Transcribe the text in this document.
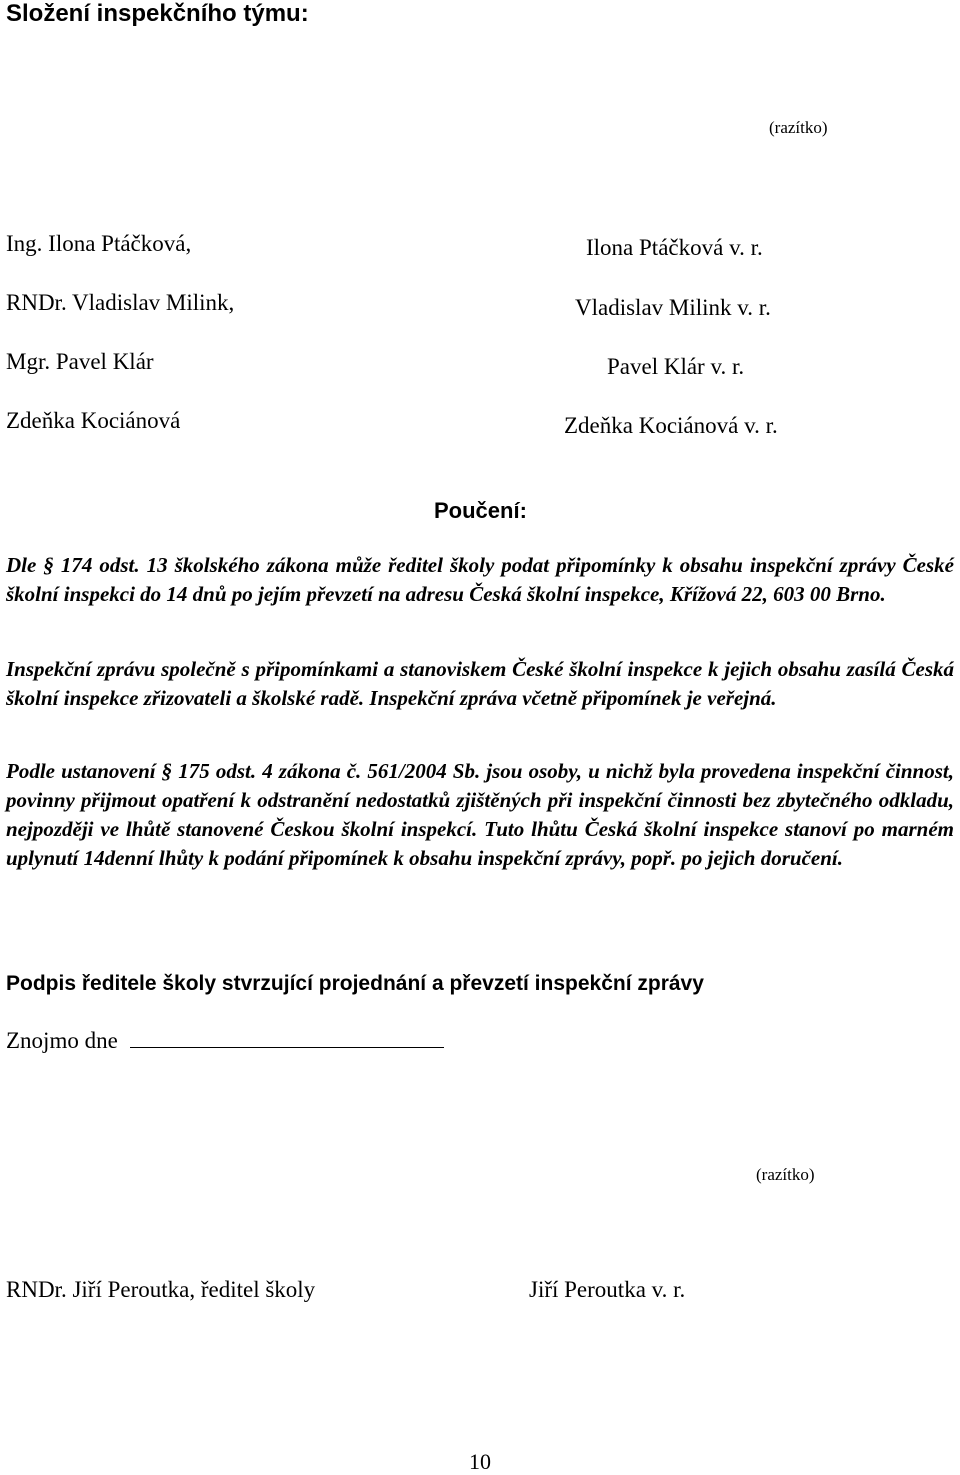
Složení inspekčního týmu:
(razítko)
Ing. Ilona Ptáčková,
RNDr. Vladislav Milink,
Mgr. Pavel Klár
Zdeňka Kociánová
Ilona Ptáčková v. r.
Vladislav Milink v. r.
Pavel Klár v. r.
Zdeňka Kociánová v. r.
Poučení:
Dle § 174 odst. 13 školského zákona může ředitel školy podat připomínky k obsahu inspekční zprávy České školní inspekci do 14 dnů po jejím převzetí na adresu Česká školní inspekce, Křížová 22, 603 00 Brno.
Inspekční zprávu společně s připomínkami a stanoviskem České školní inspekce k jejich obsahu zasílá Česká školní inspekce zřizovateli a školské radě. Inspekční zpráva včetně připomínek je veřejná.
Podle ustanovení § 175 odst. 4 zákona č. 561/2004 Sb. jsou osoby, u nichž byla provedena inspekční činnost, povinny přijmout opatření k odstranění nedostatků zjištěných při inspekční činnosti bez zbytečného odkladu, nejpozději ve lhůtě stanovené Českou školní inspekcí. Tuto lhůtu Česká školní inspekce stanoví po marném uplynutí 14denní lhůty k podání připomínek k obsahu inspekční zprávy, popř. po jejich doručení.
Podpis ředitele školy stvrzující projednání a převzetí inspekční zprávy
Znojmo dne
(razítko)
RNDr. Jiří Peroutka, ředitel školy	Jiří Peroutka v. r.
10
